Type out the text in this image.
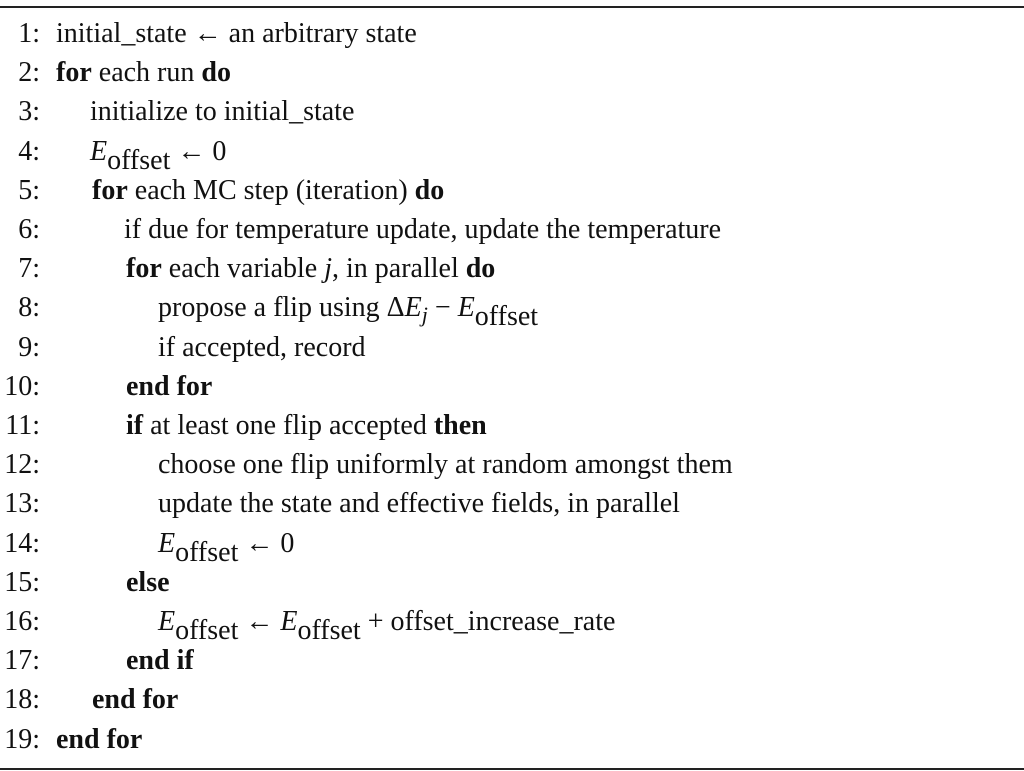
1: initial_state ← an arbitrary state
2: for each run do
3: initialize to initial_state
4: Eoffset ← 0
5: for each MC step (iteration) do
6:	if due for temperature update, update the temperature
7:	for each variable j, in parallel do
8:	propose a flip using $\Delta E_j$ − Eoffset
9:	if accepted, record
10:	end for
11:	if at least one flip accepted then
12:	choose one flip uniformly at random amongst them
13:	update the state and effective fields, in parallel
14:	Eoffset ← 0
15:	else
16:	Eoffset ← Eoffset + offset_increase_rate
17:	end if
18: end for
19: end for
